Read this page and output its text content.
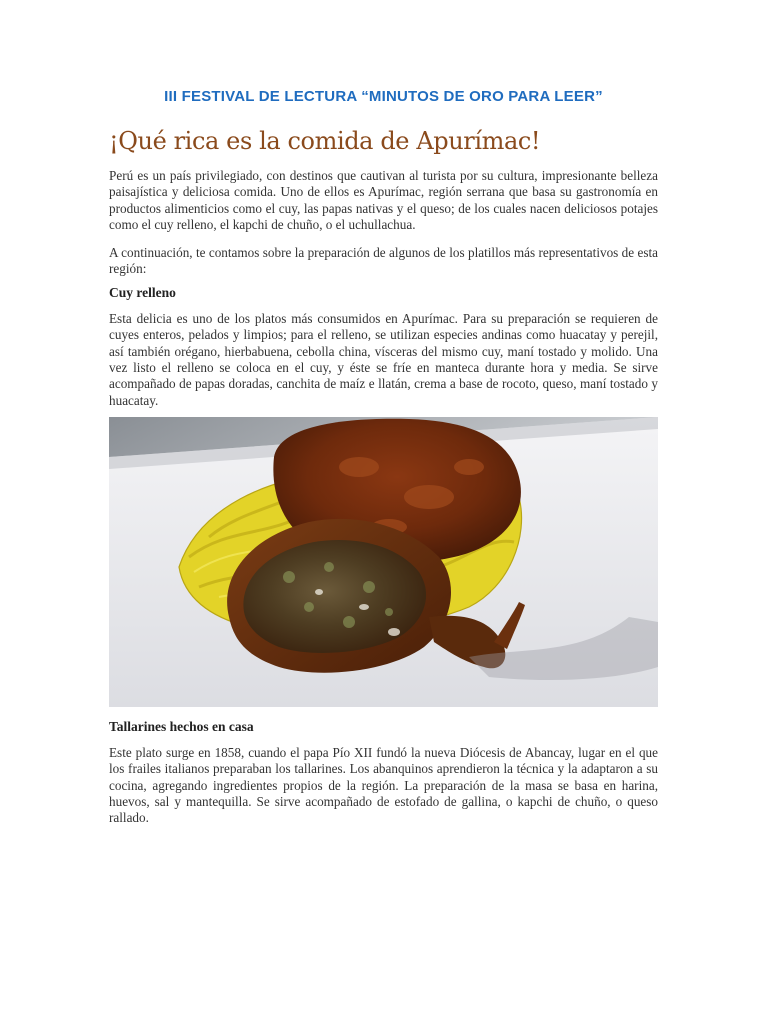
III FESTIVAL DE LECTURA “MINUTOS DE ORO PARA LEER”
¡Qué rica es la comida de Apurímac!

Perú es un país privilegiado, con destinos que cautivan al turista por su cultura, impresionante belleza paisajística y deliciosa comida. Uno de ellos es Apurímac, región serrana que basa su gastronomía en productos alimenticios como el cuy, las papas nativas y el queso; de los cuales nacen deliciosos potajes como el cuy relleno, el kapchi de chuño, o el uchullachua.

A continuación, te contamos sobre la preparación de algunos de los platillos más representativos de esta región:

Cuy relleno

Esta delicia es uno de los platos más consumidos en Apurímac. Para su preparación se requieren de cuyes enteros, pelados y limpios; para el relleno, se utilizan especies andinas como huacatay y perejil, así también orégano, hierbabuena, cebolla china, vísceras del mismo cuy, maní tostado y molido. Una vez listo el relleno se coloca en el cuy, y éste se fríe en manteca durante hora y media. Se sirve acompañado de papas doradas, canchita de maíz e llatán, crema a base de rocoto, queso, maní tostado y huacatay.

Tallarines hechos en casa

Este plato surge en 1858, cuando el papa Pío XII fundó la nueva Diócesis de Abancay, lugar en el que los frailes italianos preparaban los tallarines. Los abanquinos aprendieron la técnica y la adaptaron a su cocina, agregando ingredientes propios de la región. La preparación de la masa se basa en harina, huevos, sal y mantequilla. Se sirve acompañado de estofado de gallina, o kapchi de chuño, o queso rallado.
